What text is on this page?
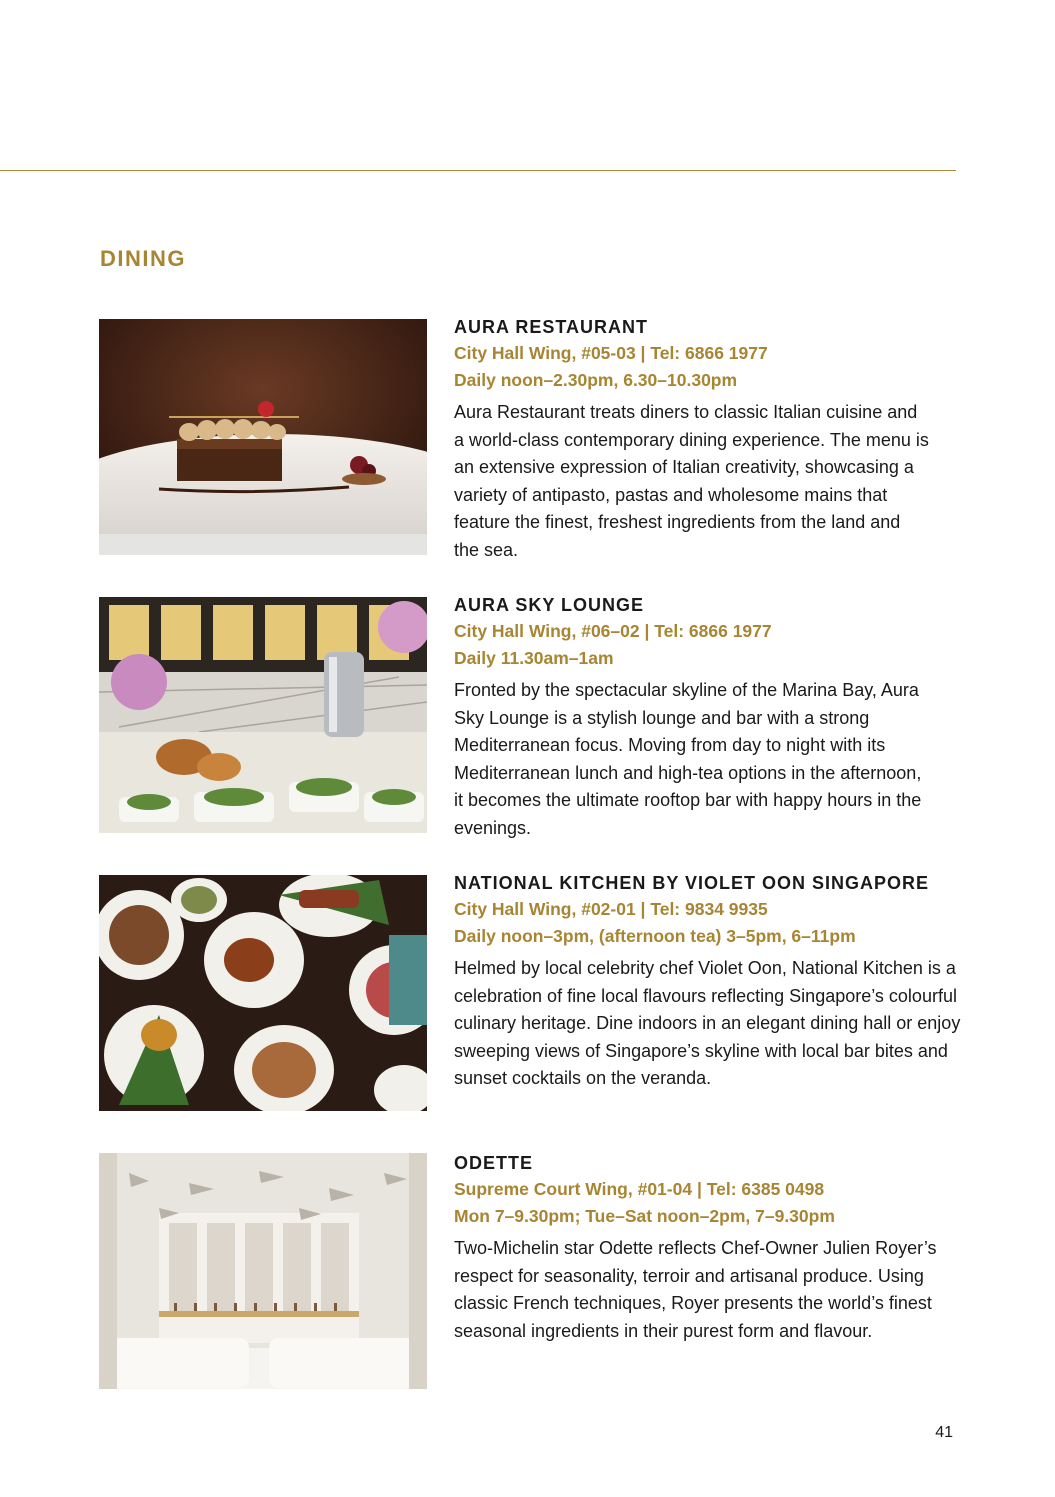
DINING
AURA RESTAURANT

City Hall Wing, #05-03 | Tel: 6866 1977

Daily noon–2.30pm, 6.30–10.30pm

Aura Restaurant treats diners to classic Italian cuisine and a world-class contemporary dining experience. The menu is an extensive expression of Italian creativity, showcasing a variety of antipasto, pastas and wholesome mains that feature the finest, freshest ingredients from the land and the sea.

AURA SKY LOUNGE

City Hall Wing, #06–02 | Tel: 6866 1977

Daily 11.30am–1am

Fronted by the spectacular skyline of the Marina Bay, Aura Sky Lounge is a stylish lounge and bar with a strong Mediterranean focus. Moving from day to night with its Mediterranean lunch and high-tea options in the afternoon, it becomes the ultimate rooftop bar with happy hours in the evenings.

NATIONAL KITCHEN BY VIOLET OON SINGAPORE

City Hall Wing, #02-01 | Tel: 9834 9935

Daily noon–3pm, (afternoon tea) 3–5pm, 6–11pm

Helmed by local celebrity chef Violet Oon, National Kitchen is a celebration of fine local flavours reflecting Singapore’s colourful culinary heritage. Dine indoors in an elegant dining hall or enjoy sweeping views of Singapore’s skyline with local bar bites and sunset cocktails on the veranda.

ODETTE

Supreme Court Wing, #01-04 | Tel: 6385 0498

Mon 7–9.30pm; Tue–Sat noon–2pm, 7–9.30pm

Two-Michelin star Odette reflects Chef-Owner Julien Royer’s respect for seasonality, terroir and artisanal produce. Using classic French techniques, Royer presents the world’s finest seasonal ingredients in their purest form and flavour.

41
